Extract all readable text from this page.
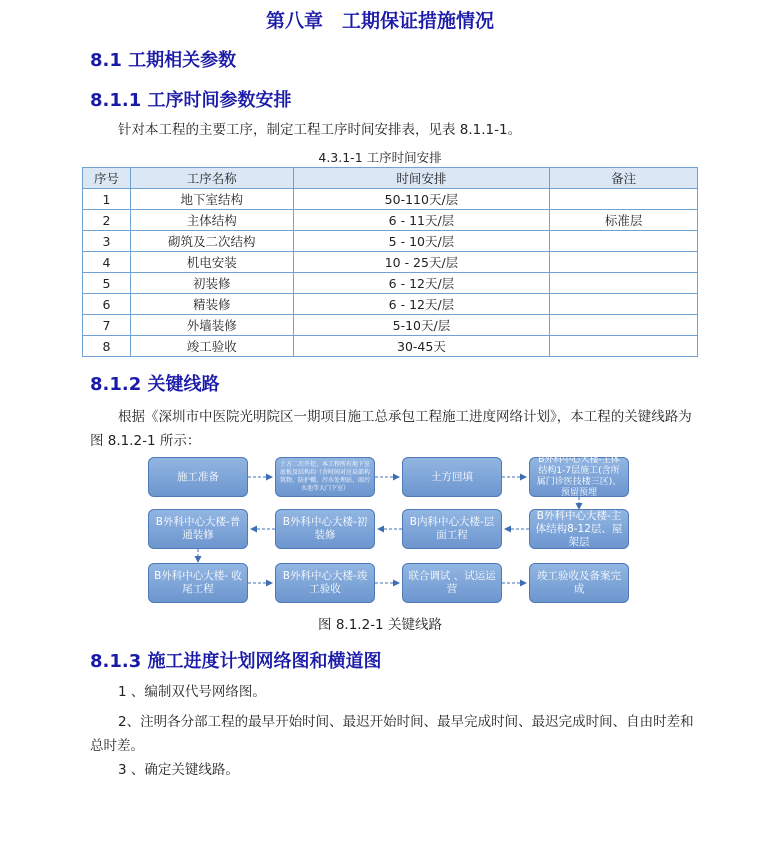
第八章　工期保证措施情况
8.1 工期相关参数
8.1.1 工序时间参数安排
针对本工程的主要工序，制定工程工序时间安排表，见表 8.1.1-1。
4.3.1-1 工序时间安排
序号	工序名称	时间安排	备注
1	地下室结构	50-110天/层	
2	主体结构	6 - 11天/层	标准层
3	砌筑及二次结构	5 - 10天/层	
4	机电安装	10 - 25天/层	
5	初装修	6 - 12天/层	
6	精装修	6 - 12天/层	
7	外墙装修	5-10天/层	
8	竣工验收	30-45天	
8.1.2 关键线路
根据《深圳市中医院光明院区一期项目施工总承包工程施工进度网络计划》，本工程的关键线路为图 8.1.2-1 所示：
施工准备
土方二次开挖、本工程所有地下室底板及结构均（含时间对应局部构筑物、防护棚、污水处理站、雨污水池等大门下室）
土方回填
B外科中心大楼-主体结构1-7层施工(含所属门诊医技楼三区)、预留预埋
B外科中心大楼-主体结构8-12层、屋架层
B内科中心大楼-层面工程
B外科中心大楼-初装修
B外科中心大楼-普通装修
B外科中心大楼- 收尾工程
B外科中心大楼-竣工验收
联合调试 、试运运营
竣工验收及备案完成
图 8.1.2-1 关键线路
8.1.3 施工进度计划网络图和横道图
1 、编制双代号网络图。
2、注明各分部工程的最早开始时间、最迟开始时间、最早完成时间、最迟完成时间、自由时差和总时差。
3 、确定关键线路。
